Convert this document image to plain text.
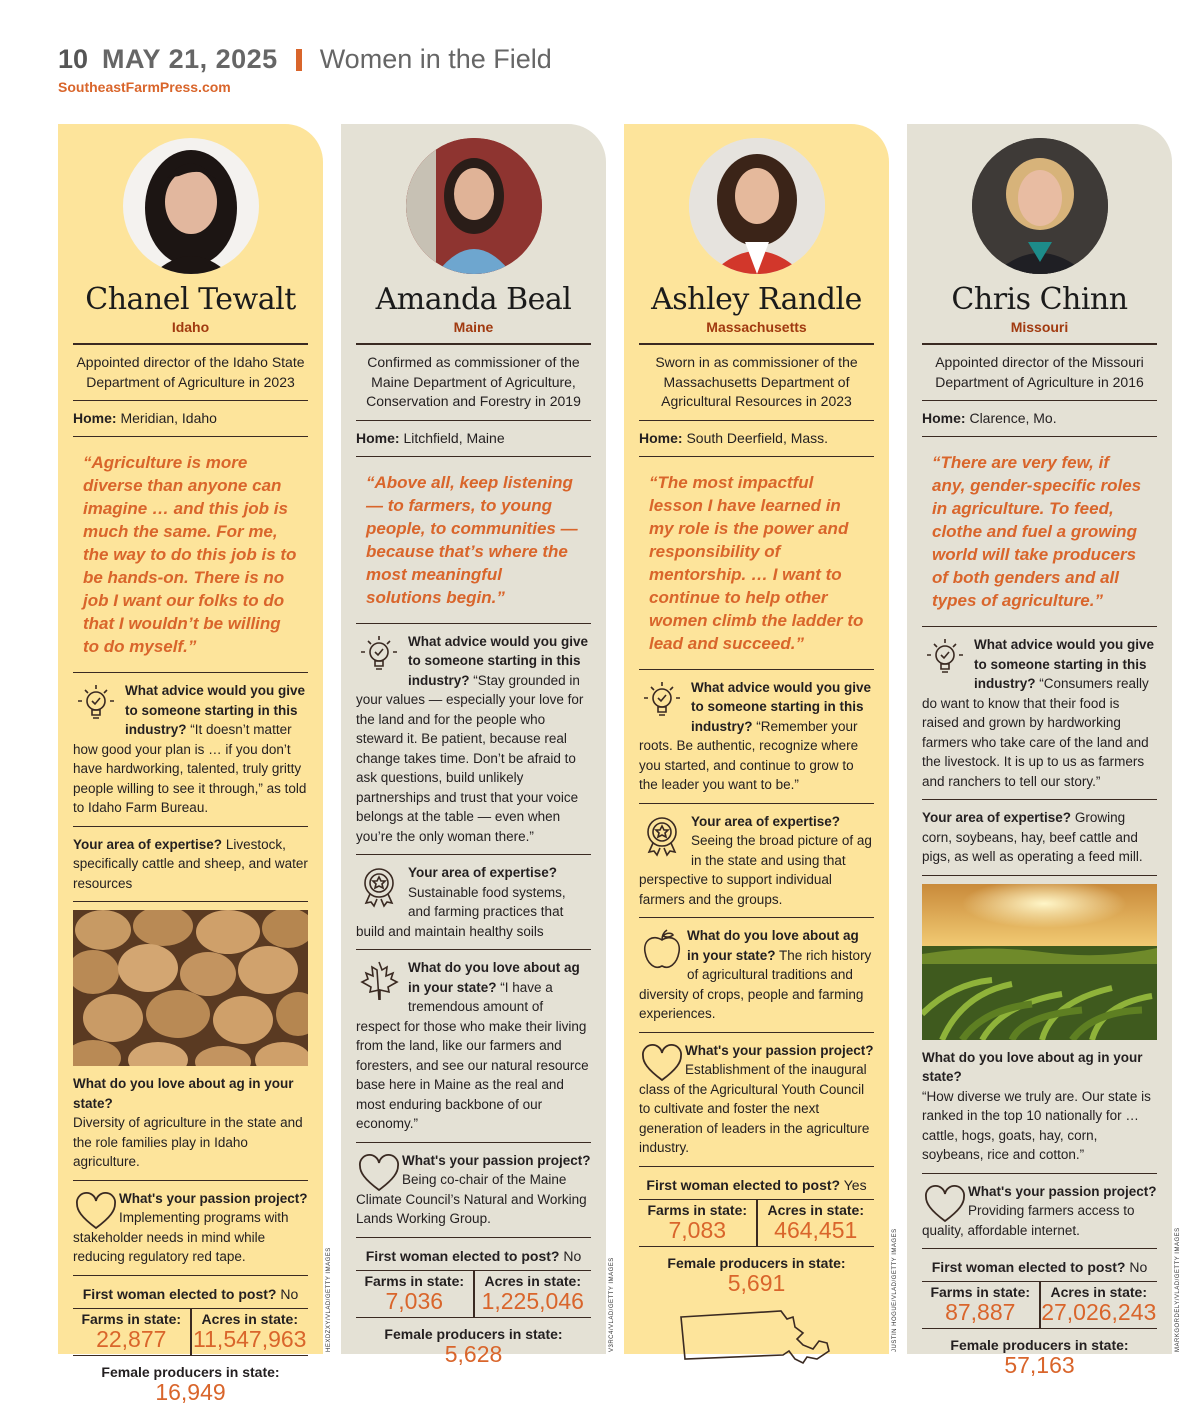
10 MAY 21, 2025 Women in the Field
SoutheastFarmPress.com
Chanel Tewalt
Idaho
Appointed director of the Idaho State Department of Agriculture in 2023
Home: Meridian, Idaho
“Agriculture is more diverse than anyone can imagine … and this job is much the same. For me, the way to do this job is to be hands-on. There is no job I want our folks to do that I wouldn’t be willing to do myself.”
What advice would you give to someone starting in this industry? “It doesn’t matter how good your plan is … if you don’t have hardworking, talented, truly gritty people willing to see it through,” as told to Idaho Farm Bureau.
Your area of expertise? Livestock, specifically cattle and sheep, and water resources
What do you love about ag in your state?
Diversity of agriculture in the state and the role families play in Idaho agriculture.
What's your passion project? Implementing programs with stakeholder needs in mind while reducing regulatory red tape.
First woman elected to post? No
Farms in state:
22,877
Acres in state:
11,547,963
Female producers in state:
16,949
HEXDZXY/VLAD/GETTY IMAGES
Amanda Beal
Maine
Confirmed as commissioner of the Maine Department of Agriculture, Conservation and Forestry in 2019
Home: Litchfield, Maine
“Above all, keep listening — to farmers, to young people, to communities — because that’s where the most meaningful solutions begin.”
What advice would you give to someone starting in this industry? “Stay grounded in your values — especially your love for the land and for the people who steward it. Be patient, because real change takes time. Don’t be afraid to ask questions, build unlikely partnerships and trust that your voice belongs at the table — even when you’re the only woman there.”
Your area of expertise? Sustainable food systems, and farming practices that build and maintain healthy soils
What do you love about ag in your state? “I have a tremendous amount of respect for those who make their living from the land, like our farmers and foresters, and see our natural resource base here in Maine as the real and most enduring backbone of our economy.”
What's your passion project? Being co-chair of the Maine Climate Council’s Natural and Working Lands Working Group.
First woman elected to post? No
Farms in state:
7,036
Acres in state:
1,225,046
Female producers in state:
5,628
V3RC4/VLAD/GETTY IMAGES
Ashley Randle
Massachusetts
Sworn in as commissioner of the Massachusetts Department of Agricultural Resources in 2023
Home: South Deerfield, Mass.
“The most impactful lesson I have learned in my role is the power and responsibility of mentorship. … I want to continue to help other women climb the ladder to lead and succeed.”
What advice would you give to someone starting in this industry? “Remember your roots. Be authentic, recognize where you started, and continue to grow to the leader you want to be.”
Your area of expertise? Seeing the broad picture of ag in the state and using that perspective to support individual farmers and the groups.
What do you love about ag in your state? The rich history of agricultural traditions and diversity of crops, people and farming experiences.
What's your passion project? Establishment of the inaugural class of the Agricultural Youth Council to cultivate and foster the next generation of leaders in the agriculture industry.
First woman elected to post? Yes
Farms in state:
7,083
Acres in state:
464,451
Female producers in state:
5,691	JUSTIN HOGUE/VLAD/GETTY IMAGES
Chris Chinn
Missouri
Appointed director of the Missouri Department of Agriculture in 2016
Home: Clarence, Mo.
“There are very few, if any, gender-specific roles in agriculture. To feed, clothe and fuel a growing world will take producers of both genders and all types of agriculture.”
What advice would you give to someone starting in this industry? “Consumers really do want to know that their food is raised and grown by hardworking farmers who take care of the land and the livestock. It is up to us as farmers and ranchers to tell our story.”
Your area of expertise? Growing corn, soybeans, hay, beef cattle and pigs, as well as operating a feed mill.
What do you love about ag in your state?
“How diverse we truly are. Our state is ranked in the top 10 nationally for … cattle, hogs, goats, hay, corn, soybeans, rice and cotton.”
What's your passion project? Providing farmers access to quality, affordable internet.
First woman elected to post? No
Farms in state:
87,887
Acres in state:
27,026,243
Female producers in state:
57,163
MARKGORDELY/VLAD/GETTY IMAGES
